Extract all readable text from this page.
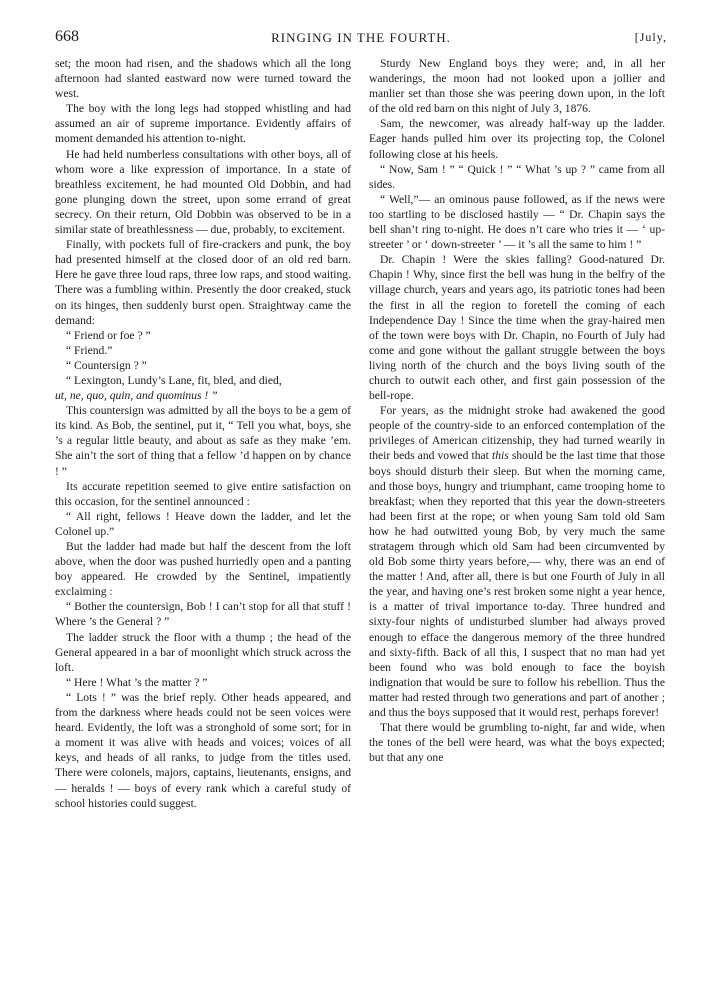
668	RINGING IN THE FOURTH.	[July,

set; the moon had risen, and the shadows which all the long afternoon had slanted eastward now were turned toward the west.

The boy with the long legs had stopped whistling and had assumed an air of supreme importance. Evidently affairs of moment demanded his attention to-night.

He had held numberless consultations with other boys, all of whom wore a like expression of importance. In a state of breathless excitement, he had mounted Old Dobbin, and had gone plunging down the street, upon some errand of great secrecy. On their return, Old Dobbin was observed to be in a similar state of breathlessness — due, probably, to excitement.

Finally, with pockets full of fire-crackers and punk, the boy had presented himself at the closed door of an old red barn. Here he gave three loud raps, three low raps, and stood waiting. There was a fumbling within. Presently the door creaked, stuck on its hinges, then suddenly burst open. Straightway came the demand:

“ Friend or foe ? ”

“ Friend.”

“ Countersign ? ”

“ Lexington, Lundy’s Lane, fit, bled, and died,
ut, ne, quo, quin, and quominus ! ”

This countersign was admitted by all the boys to be a gem of its kind. As Bob, the sentinel, put it, “ Tell you what, boys, she ’s a regular little beauty, and about as safe as they make ’em. She ain’t the sort of thing that a fellow ’d happen on by chance ! ”

Its accurate repetition seemed to give entire satisfaction on this occasion, for the sentinel announced :

“ All right, fellows ! Heave down the ladder, and let the Colonel up.”

But the ladder had made but half the descent from the loft above, when the door was pushed hurriedly open and a panting boy appeared. He crowded by the Sentinel, impatiently exclaiming :

“ Bother the countersign, Bob ! I can’t stop for all that stuff ! Where ’s the General ? ”

The ladder struck the floor with a thump ; the head of the General appeared in a bar of moonlight which struck across the loft.

“ Here ! What ’s the matter ? ”

“ Lots ! ” was the brief reply. Other heads appeared, and from the darkness where heads could not be seen voices were heard. Evidently, the loft was a stronghold of some sort; for in a moment it was alive with heads and voices; voices of all keys, and heads of all ranks, to judge from the titles used. There were colonels, majors, captains, lieutenants, ensigns, and — heralds ! — boys of every rank which a careful study of school histories could suggest.

Sturdy New England boys they were; and, in all her wanderings, the moon had not looked upon a jollier and manlier set than those she was peering down upon, in the loft of the old red barn on this night of July 3, 1876.

Sam, the newcomer, was already half-way up the ladder. Eager hands pulled him over its projecting top, the Colonel following close at his heels.

“ Now, Sam ! ” “ Quick ! ” “ What ’s up ? ” came from all sides.

“ Well,”— an ominous pause followed, as if the news were too startling to be disclosed hastily — “ Dr. Chapin says the bell shan’t ring to-night. He does n’t care who tries it — ‘ up-streeter ’ or ‘ down-streeter ’ — it ’s all the same to him ! ”

Dr. Chapin ! Were the skies falling? Good-natured Dr. Chapin ! Why, since first the bell was hung in the belfry of the village church, years and years ago, its patriotic tones had been the first in all the region to foretell the coming of each Independence Day ! Since the time when the gray-haired men of the town were boys with Dr. Chapin, no Fourth of July had come and gone without the gallant struggle between the boys living north of the church and the boys living south of the church to outwit each other, and first gain possession of the bell-rope.

For years, as the midnight stroke had awakened the good people of the country-side to an enforced contemplation of the privileges of American citizenship, they had turned wearily in their beds and vowed that this should be the last time that those boys should disturb their sleep. But when the morning came, and those boys, hungry and triumphant, came trooping home to breakfast; when they reported that this year the down-streeters had been first at the rope; or when young Sam told old Sam how he had outwitted young Bob, by very much the same stratagem through which old Sam had been circumvented by old Bob some thirty years before,— why, there was an end of the matter ! And, after all, there is but one Fourth of July in all the year, and having one’s rest broken some night a year hence, is a matter of trival importance to-day. Three hundred and sixty-four nights of undisturbed slumber had always proved enough to efface the dangerous memory of the three hundred and sixty-fifth. Back of all this, I suspect that no man had yet been found who was bold enough to face the boyish indignation that would be sure to follow his rebellion. Thus the matter had rested through two generations and part of another ; and thus the boys supposed that it would rest, perhaps forever!

That there would be grumbling to-night, far and wide, when the tones of the bell were heard, was what the boys expected; but that any one
